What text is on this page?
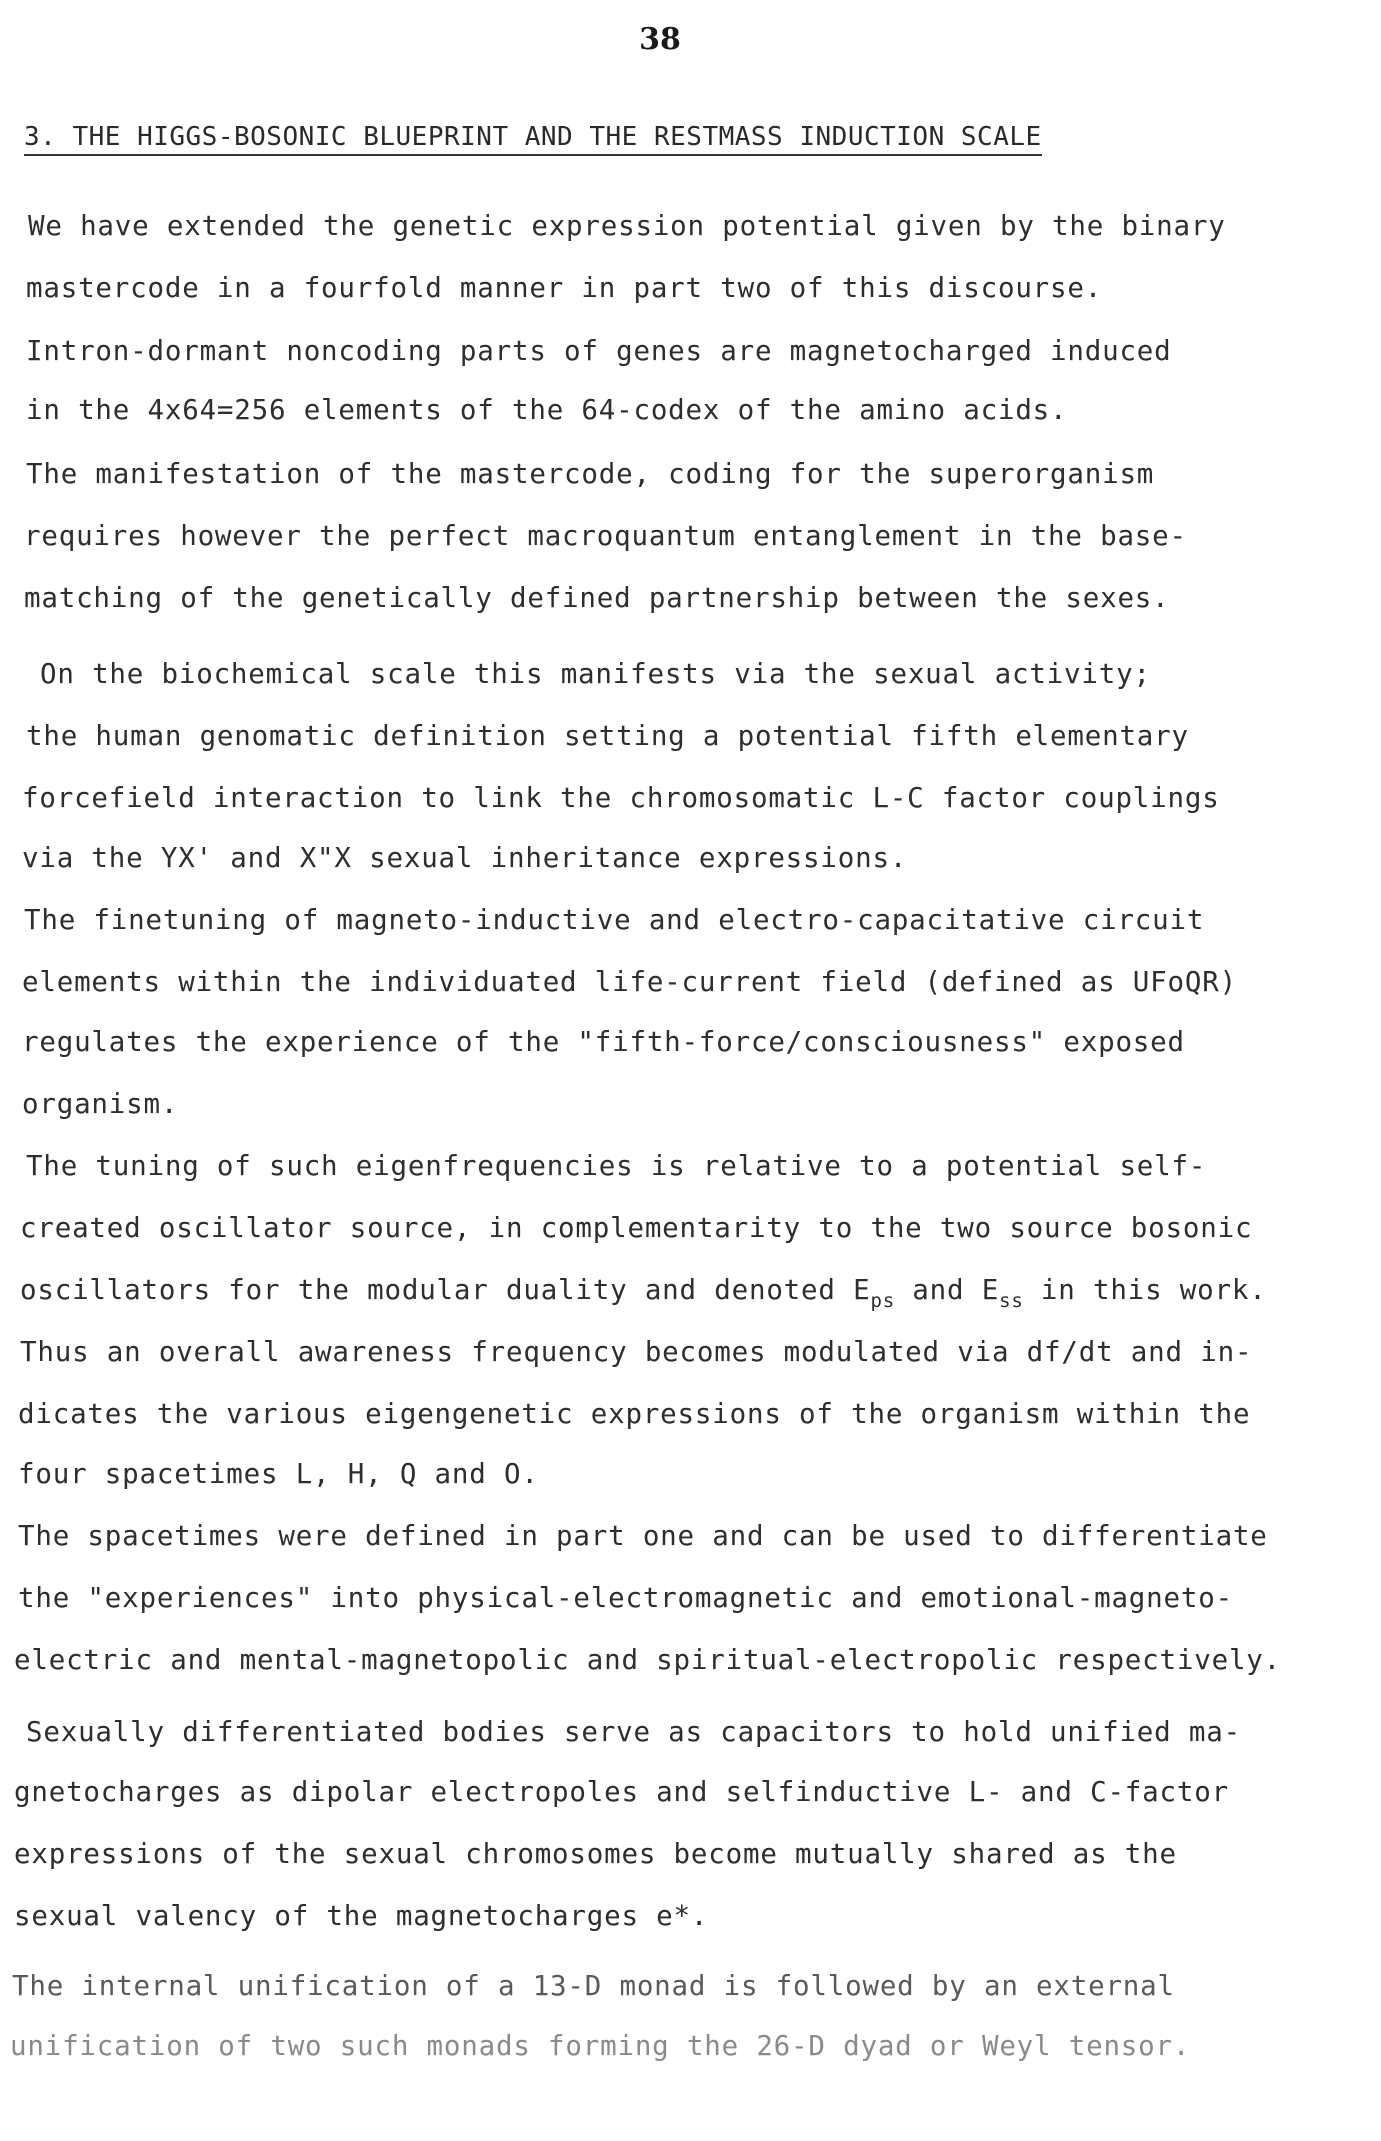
38
3. THE HIGGS-BOSONIC BLUEPRINT AND THE RESTMASS INDUCTION SCALE
We have extended the genetic expression potential given by the binary
mastercode in a fourfold manner in part two of this discourse.
Intron-dormant noncoding parts of genes are magnetocharged induced
in the 4x64=256 elements of the 64-codex of the amino acids.
The manifestation of the mastercode, coding for the superorganism
requires however the perfect macroquantum entanglement in the base-
matching of the genetically defined partnership between the sexes.
On the biochemical scale this manifests via the sexual activity;
the human genomatic definition setting a potential fifth elementary
forcefield interaction to link the chromosomatic L-C factor couplings
via the YX' and X"X sexual inheritance expressions.
The finetuning of magneto-inductive and electro-capacitative circuit
elements within the individuated life-current field (defined as UFoQR)
regulates the experience of the "fifth-force/consciousness" exposed
organism.
The tuning of such eigenfrequencies is relative to a potential self-
created oscillator source, in complementarity to the two source bosonic
oscillators for the modular duality and denoted $E_{ps}$ and $E_{ss}$ in this work.
Thus an overall awareness frequency becomes modulated via df/dt and in-
dicates the various eigengenetic expressions of the organism within the
four spacetimes L, H, Q and O.
The spacetimes were defined in part one and can be used to differentiate
the "experiences" into physical-electromagnetic and emotional-magneto-
electric and mental-magnetopolic and spiritual-electropolic respectively.
Sexually differentiated bodies serve as capacitors to hold unified ma-
gnetocharges as dipolar electropoles and selfinductive L- and C-factor
expressions of the sexual chromosomes become mutually shared as the
sexual valency of the magnetocharges e*.
The internal unification of a 13-D monad is followed by an external
unification of two such monads forming the 26-D dyad or Weyl tensor.
